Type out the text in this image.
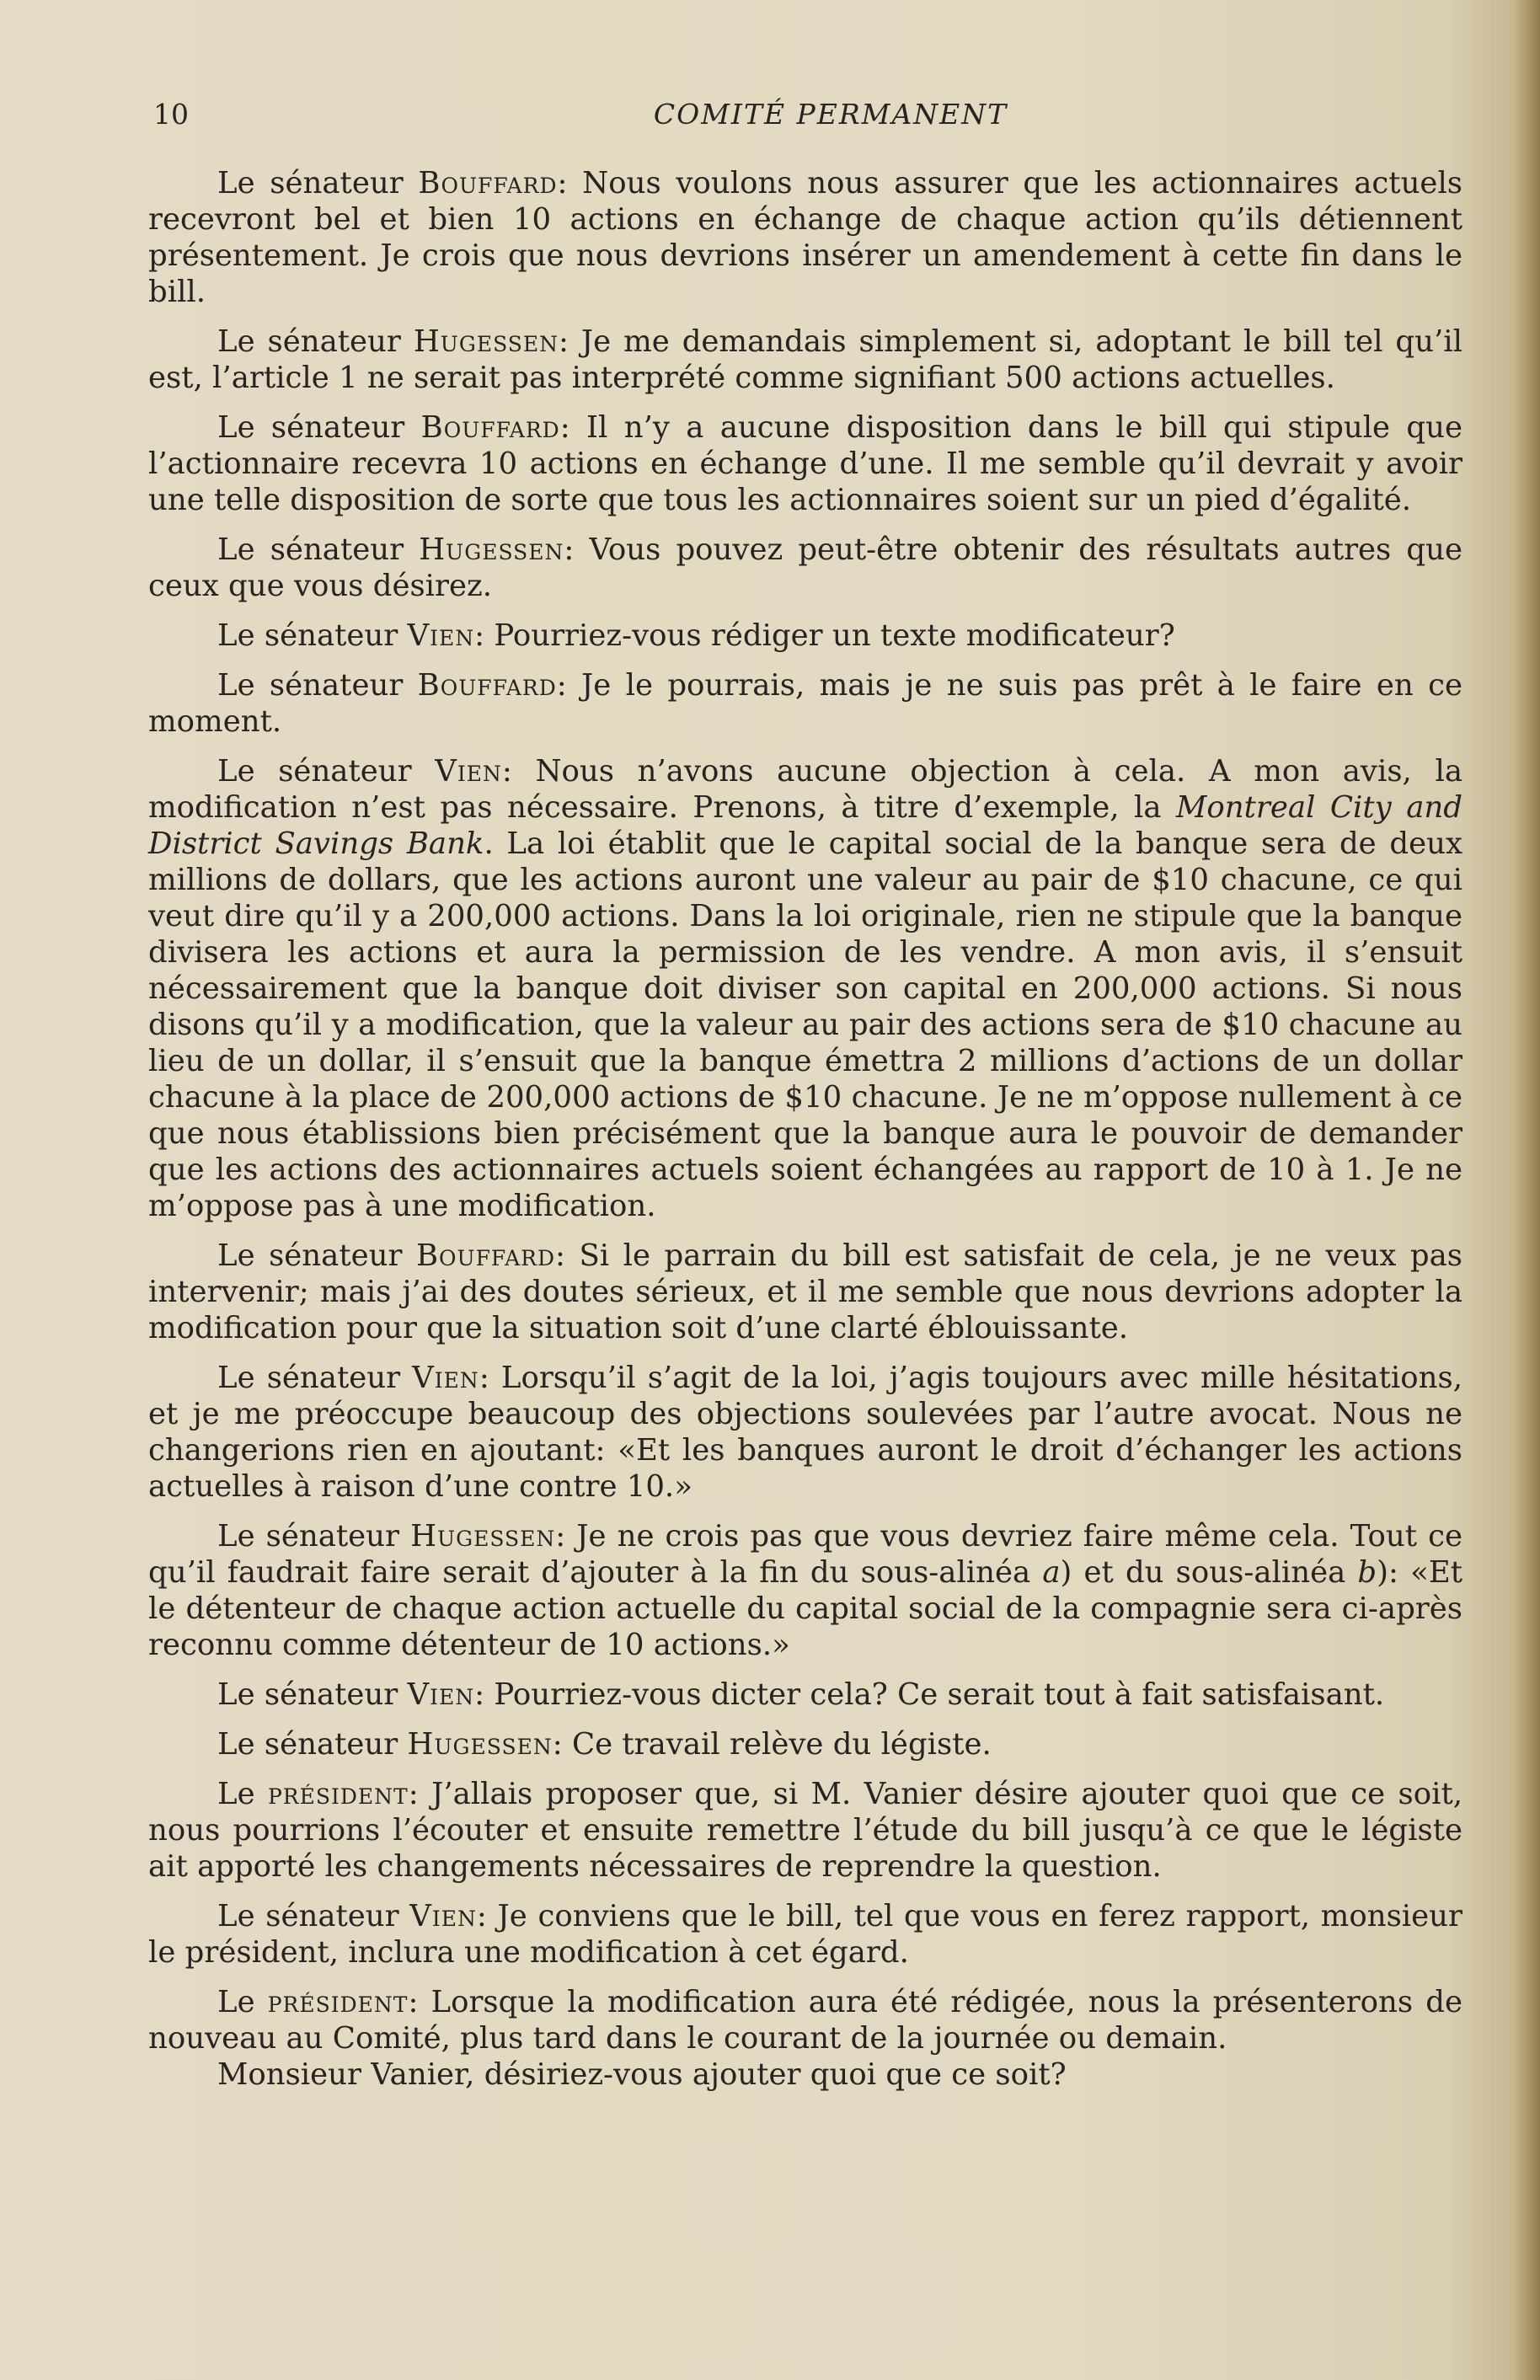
10	COMITÉ PERMANENT

Le sénateur Bouffard: Nous voulons nous assurer que les actionnaires actuels recevront bel et bien 10 actions en échange de chaque action qu’ils détiennent présentement. Je crois que nous devrions insérer un amendement à cette fin dans le bill.

Le sénateur Hugessen: Je me demandais simplement si, adoptant le bill tel qu’il est, l’article 1 ne serait pas interprété comme signifiant 500 actions actuelles.

Le sénateur Bouffard: Il n’y a aucune disposition dans le bill qui stipule que l’actionnaire recevra 10 actions en échange d’une. Il me semble qu’il devrait y avoir une telle disposition de sorte que tous les actionnaires soient sur un pied d’égalité.

Le sénateur Hugessen: Vous pouvez peut-être obtenir des résultats autres que ceux que vous désirez.

Le sénateur Vien: Pourriez-vous rédiger un texte modificateur?

Le sénateur Bouffard: Je le pourrais, mais je ne suis pas prêt à le faire en ce moment.

Le sénateur Vien: Nous n’avons aucune objection à cela. A mon avis, la modification n’est pas nécessaire. Prenons, à titre d’exemple, la Montreal City and District Savings Bank. La loi établit que le capital social de la banque sera de deux millions de dollars, que les actions auront une valeur au pair de $10 chacune, ce qui veut dire qu’il y a 200,000 actions. Dans la loi originale, rien ne stipule que la banque divisera les actions et aura la permission de les vendre. A mon avis, il s’ensuit nécessairement que la banque doit diviser son capital en 200,000 actions. Si nous disons qu’il y a modification, que la valeur au pair des actions sera de $10 chacune au lieu de un dollar, il s’ensuit que la banque émettra 2 millions d’actions de un dollar chacune à la place de 200,000 actions de $10 chacune. Je ne m’oppose nullement à ce que nous établissions bien précisément que la banque aura le pouvoir de demander que les actions des actionnaires actuels soient échangées au rapport de 10 à 1. Je ne m’oppose pas à une modification.

Le sénateur Bouffard: Si le parrain du bill est satisfait de cela, je ne veux pas intervenir; mais j’ai des doutes sérieux, et il me semble que nous devrions adopter la modification pour que la situation soit d’une clarté éblouissante.

Le sénateur Vien: Lorsqu’il s’agit de la loi, j’agis toujours avec mille hésitations, et je me préoccupe beaucoup des objections soulevées par l’autre avocat. Nous ne changerions rien en ajoutant: «Et les banques auront le droit d’échanger les actions actuelles à raison d’une contre 10.»

Le sénateur Hugessen: Je ne crois pas que vous devriez faire même cela. Tout ce qu’il faudrait faire serait d’ajouter à la fin du sous-alinéa a) et du sous-alinéa b): «Et le détenteur de chaque action actuelle du capital social de la compagnie sera ci-après reconnu comme détenteur de 10 actions.»

Le sénateur Vien: Pourriez-vous dicter cela? Ce serait tout à fait satisfaisant.

Le sénateur Hugessen: Ce travail relève du légiste.

Le président: J’allais proposer que, si M. Vanier désire ajouter quoi que ce soit, nous pourrions l’écouter et ensuite remettre l’étude du bill jusqu’à ce que le légiste ait apporté les changements nécessaires de reprendre la question.

Le sénateur Vien: Je conviens que le bill, tel que vous en ferez rapport, monsieur le président, inclura une modification à cet égard.

Le président: Lorsque la modification aura été rédigée, nous la présenterons de nouveau au Comité, plus tard dans le courant de la journée ou demain.

Monsieur Vanier, désiriez-vous ajouter quoi que ce soit?
